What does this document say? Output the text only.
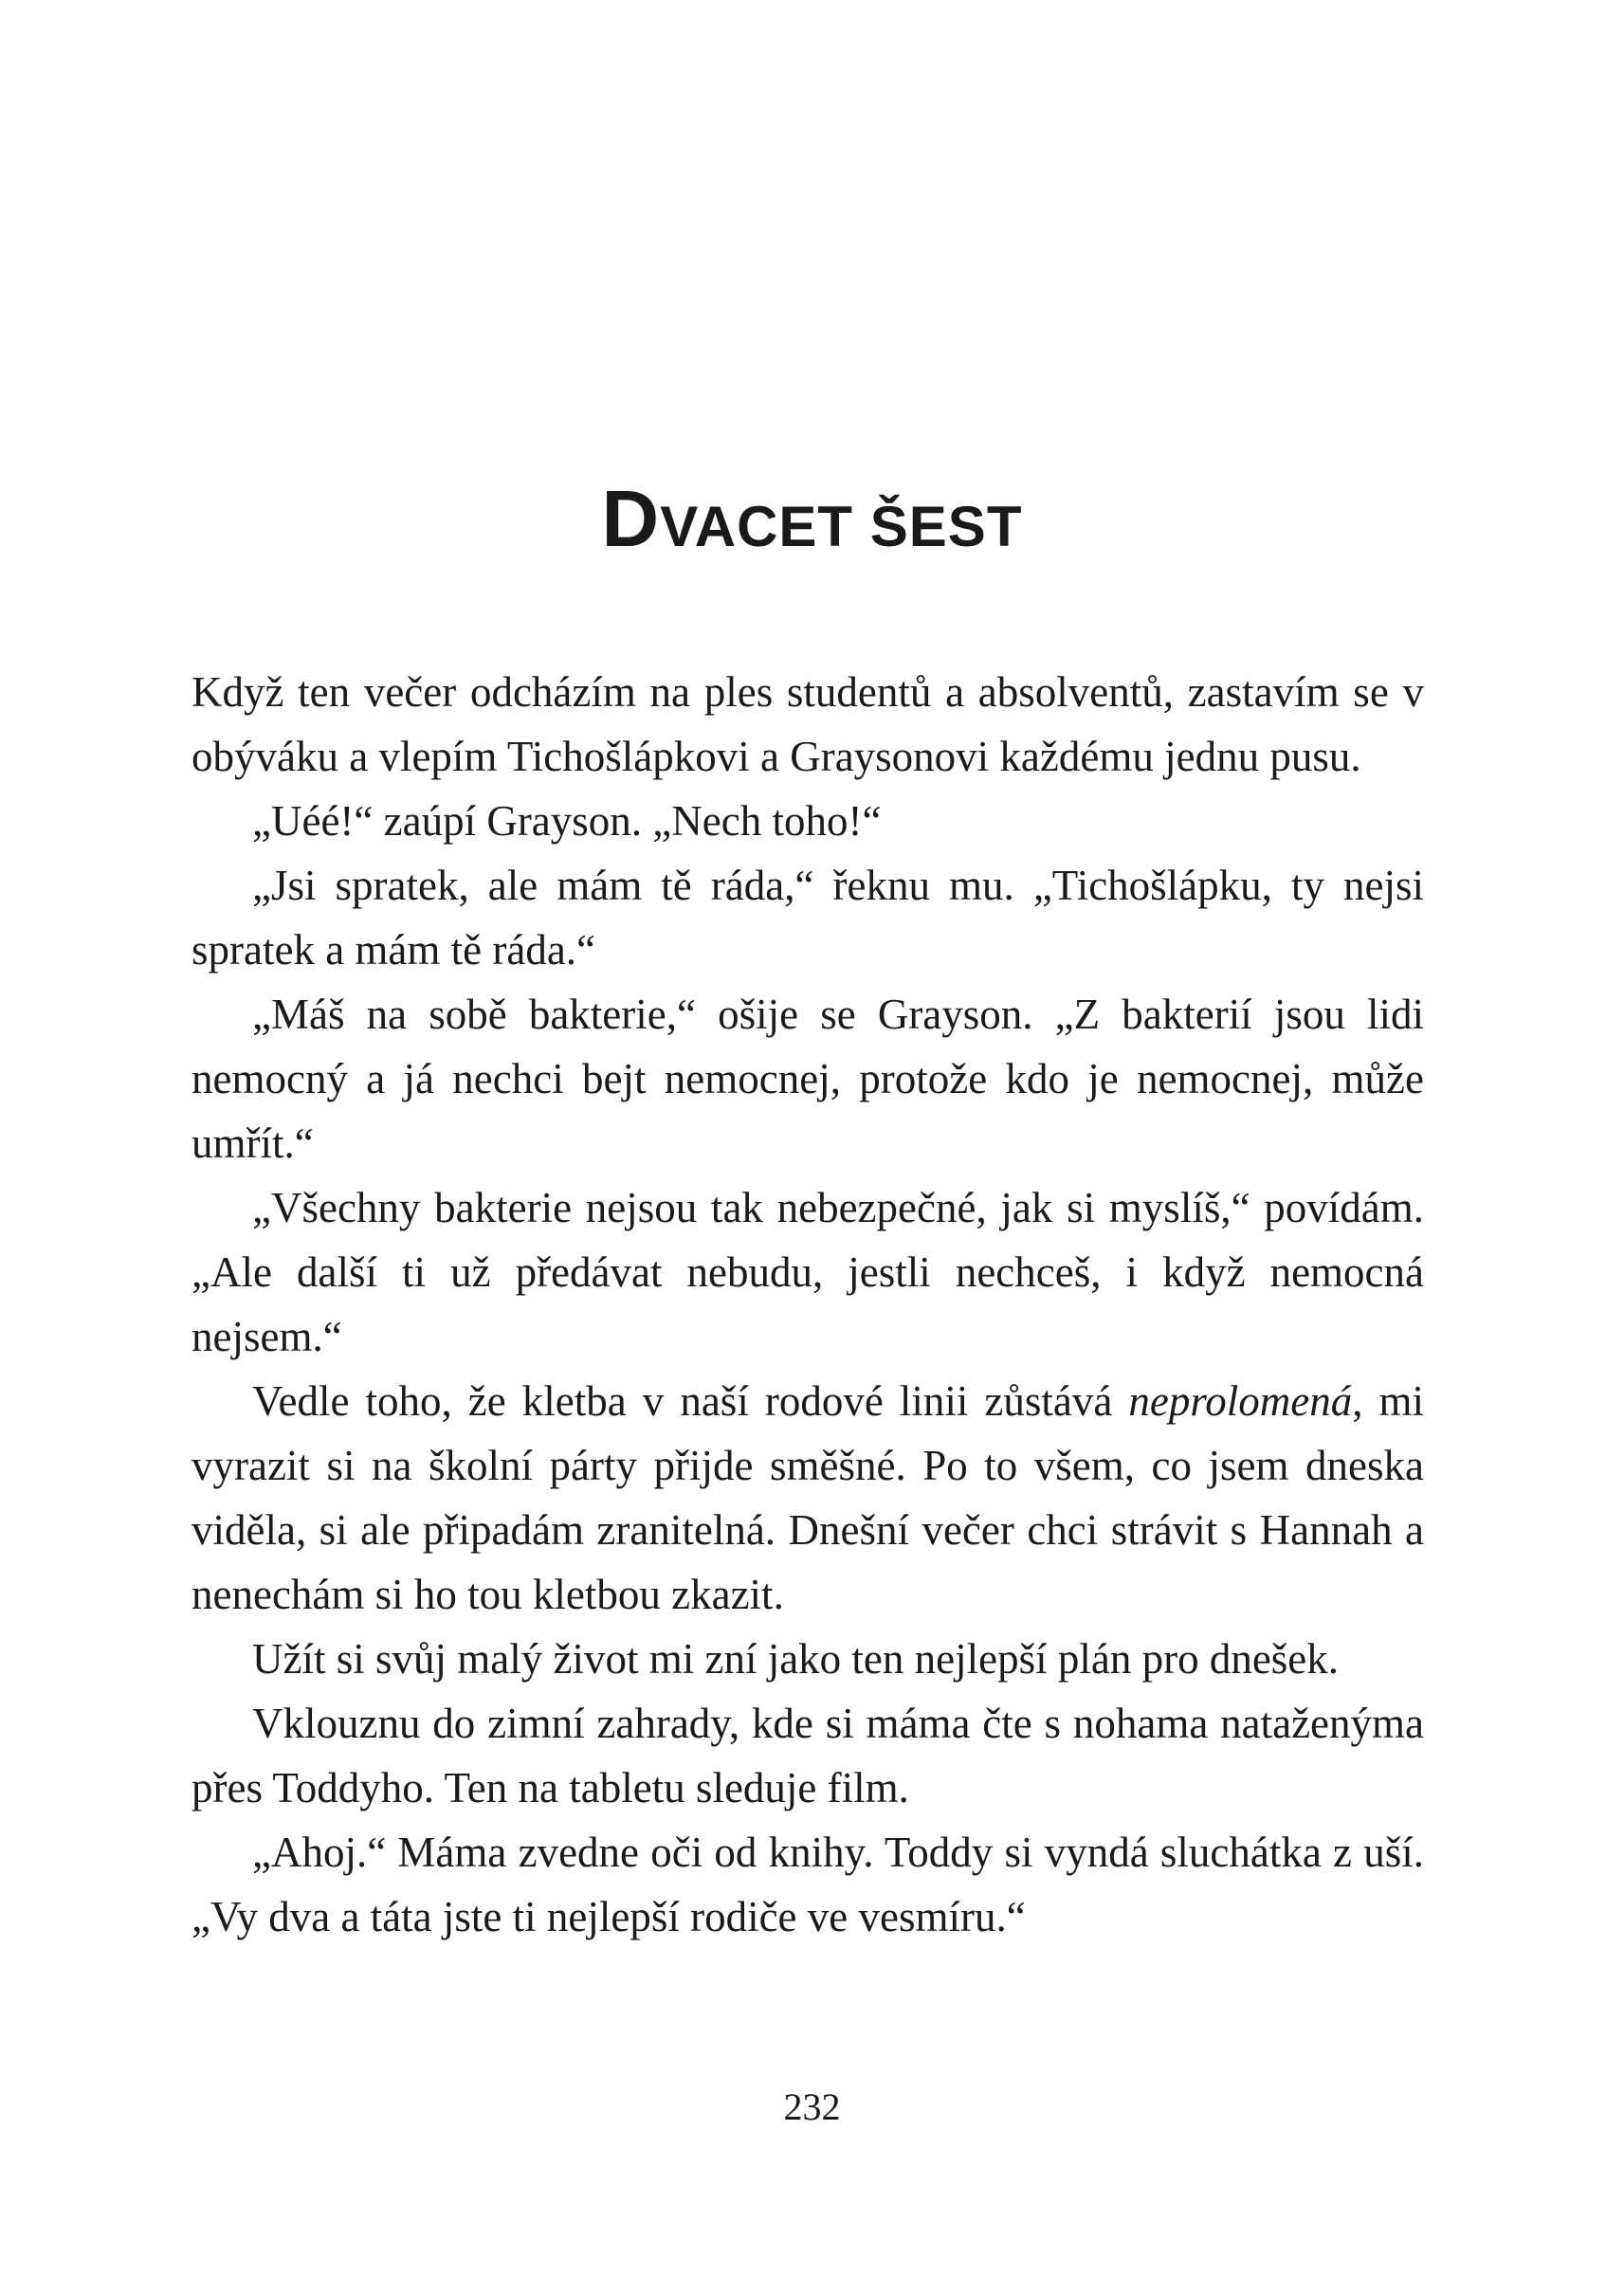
DVACET ŠEST

Když ten večer odcházím na ples studentů a absolventů, zastavím se v obýváku a vlepím Tichošlápkovi a Graysonovi každému jednu pusu.

„Uéé!“ zaúpí Grayson. „Nech toho!“

„Jsi spratek, ale mám tě ráda,“ řeknu mu. „Tichošlápku, ty nejsi spratek a mám tě ráda.“

„Máš na sobě bakterie,“ ošije se Grayson. „Z bakterií jsou lidi nemocný a já nechci bejt nemocnej, protože kdo je nemocnej, může umřít.“

„Všechny bakterie nejsou tak nebezpečné, jak si myslíš,“ povídám. „Ale další ti už předávat nebudu, jestli nechceš, i když nemocná nejsem.“

Vedle toho, že kletba v naší rodové linii zůstává neprolomená, mi vyrazit si na školní párty přijde směšné. Po to všem, co jsem dneska viděla, si ale připadám zranitelná. Dnešní večer chci strávit s Hannah a nenechám si ho tou kletbou zkazit.

Užít si svůj malý život mi zní jako ten nejlepší plán pro dnešek.

Vklouznu do zimní zahrady, kde si máma čte s nohama nataženýma přes Toddyho. Ten na tabletu sleduje film.

„Ahoj.“ Máma zvedne oči od knihy. Toddy si vyndá sluchátka z uší. „Vy dva a táta jste ti nejlepší rodiče ve vesmíru.“

232
